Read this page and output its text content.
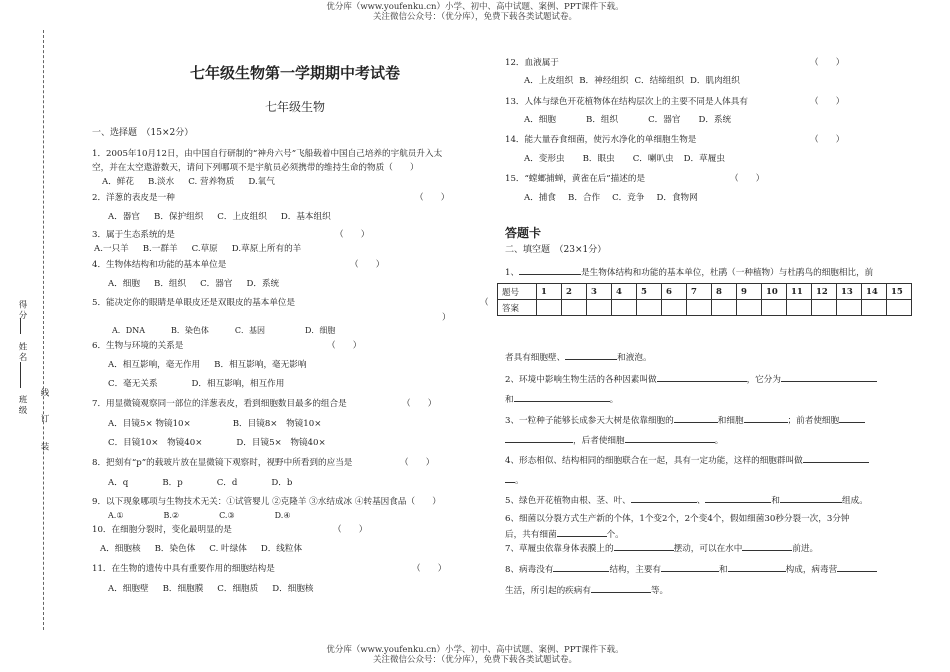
优分库（www.youfenku.cn）小学、初中、高中试题、案例、PPT课件下载。
关注微信公众号：（优分库），免费下载各类试题试卷。
得分
姓名
班级
线
订
装
七年级生物第一学期期中考试卷
七年级生物
一、选择题　（15×2分）
1．2005年10月12日，由中国自行研制的“神舟六号”飞船载着中国自己培养的宇航员升入太
空，并在太空遨游数天，请问下列哪项不是宇航员必须携带的维持生命的物质（　　）
A．鲜花 B.淡水 C. 营养物质 D.氧气
2．洋葱的表皮是一种	（　　）
A．器官 B．保护组织 C．上皮组织 D．基本组织
3．属于生态系统的是	（　　）
A.一只羊 B.一群羊 C.草原 D.草原上所有的羊
4．生物体结构和功能的基本单位是	（　　）
A．细胞 B．组织 C．器官 D．系统
5．能决定你的眼睛是单眼皮还是双眼皮的基本单位是	（
）
A．DNA	B．染色体	C．基因	D．细胞
6．生物与环境的关系是	（　　）
A．相互影响，毫无作用 B．相互影响，毫无影响
C．毫无关系	D．相互影响，相互作用
7．用显微镜观察同一部位的洋葱表皮，看到细胞数目最多的组合是	（　　）
A．目镜5× 物镜10×	B．目镜8×　物镜10×
C．目镜10×　物镜40×	D．目镜5×　物镜40×
8．把刻有“p”的载玻片放在显微镜下观察时，视野中所看到的应当是	（　　）
A．q	B．p	C．d	D．b
9．以下现象哪项与生物技术无关：①试管婴儿 ②克隆羊 ③水结成冰 ④转基因食品（　　）
A.①	B.②	C.③	D.④
10．在细胞分裂时，变化最明显的是	（　　）
A．细胞核 B．染色体 C. 叶绿体 D．线粒体
11．在生物的遗传中具有重要作用的细胞结构是	（　　）
A．细胞壁 B．细胞膜 C．细胞质 D．细胞核
12．血液属于	（　　）
A．上皮组织 B．神经组织 C．结缔组织 D．肌肉组织
13．人体与绿色开花植物体在结构层次上的主要不同是人体具有	（　　）
A．细胞	B．组织	C．器官 D．系统
14．能大量吞食细菌，使污水净化的单细胞生物是	（　　）
A．变形虫 B．眼虫 C．喇叭虫 D．草履虫
15．“螳螂捕蝉，黄雀在后”描述的是	（　　）
A．捕食 B．合作 C．竞争 D．食物网
答题卡
二、填空题　（23×1分）
1、	是生物体结构和功能的基本单位，杜鹃（一种植物）与杜鹃鸟的细胞相比，前
题号	1	2	3	4	5	6	7	8	9	10	11	12	13	14	15
答案															
者具有细胞壁、	和液泡。
2、环境中影响生物生活的各种因素叫做	，它分为
和	。
3、一粒种子能够长成参天大树是依靠细胞的	和细胞	；前者使细胞
，后者使细胞	。
4、形态相似、结构相同的细胞联合在一起，具有一定功能，这样的细胞群叫做
。
5、绿色开花植物由根、茎、叶、	、	和	组成。
6、细菌以分裂方式生产新的个体，1个变2个，2个变4个，假如细菌30秒分裂一次，3分钟
后，共有细菌	个。
7、草履虫依靠身体表膜上的	摆动，可以在水中	前进。
8、病毒没有	结构，主要有	和	构成，病毒营
生活，所引起的疾病有	等。
优分库（www.youfenku.cn）小学、初中、高中试题、案例、PPT课件下载。
关注微信公众号：（优分库），免费下载各类试题试卷。
